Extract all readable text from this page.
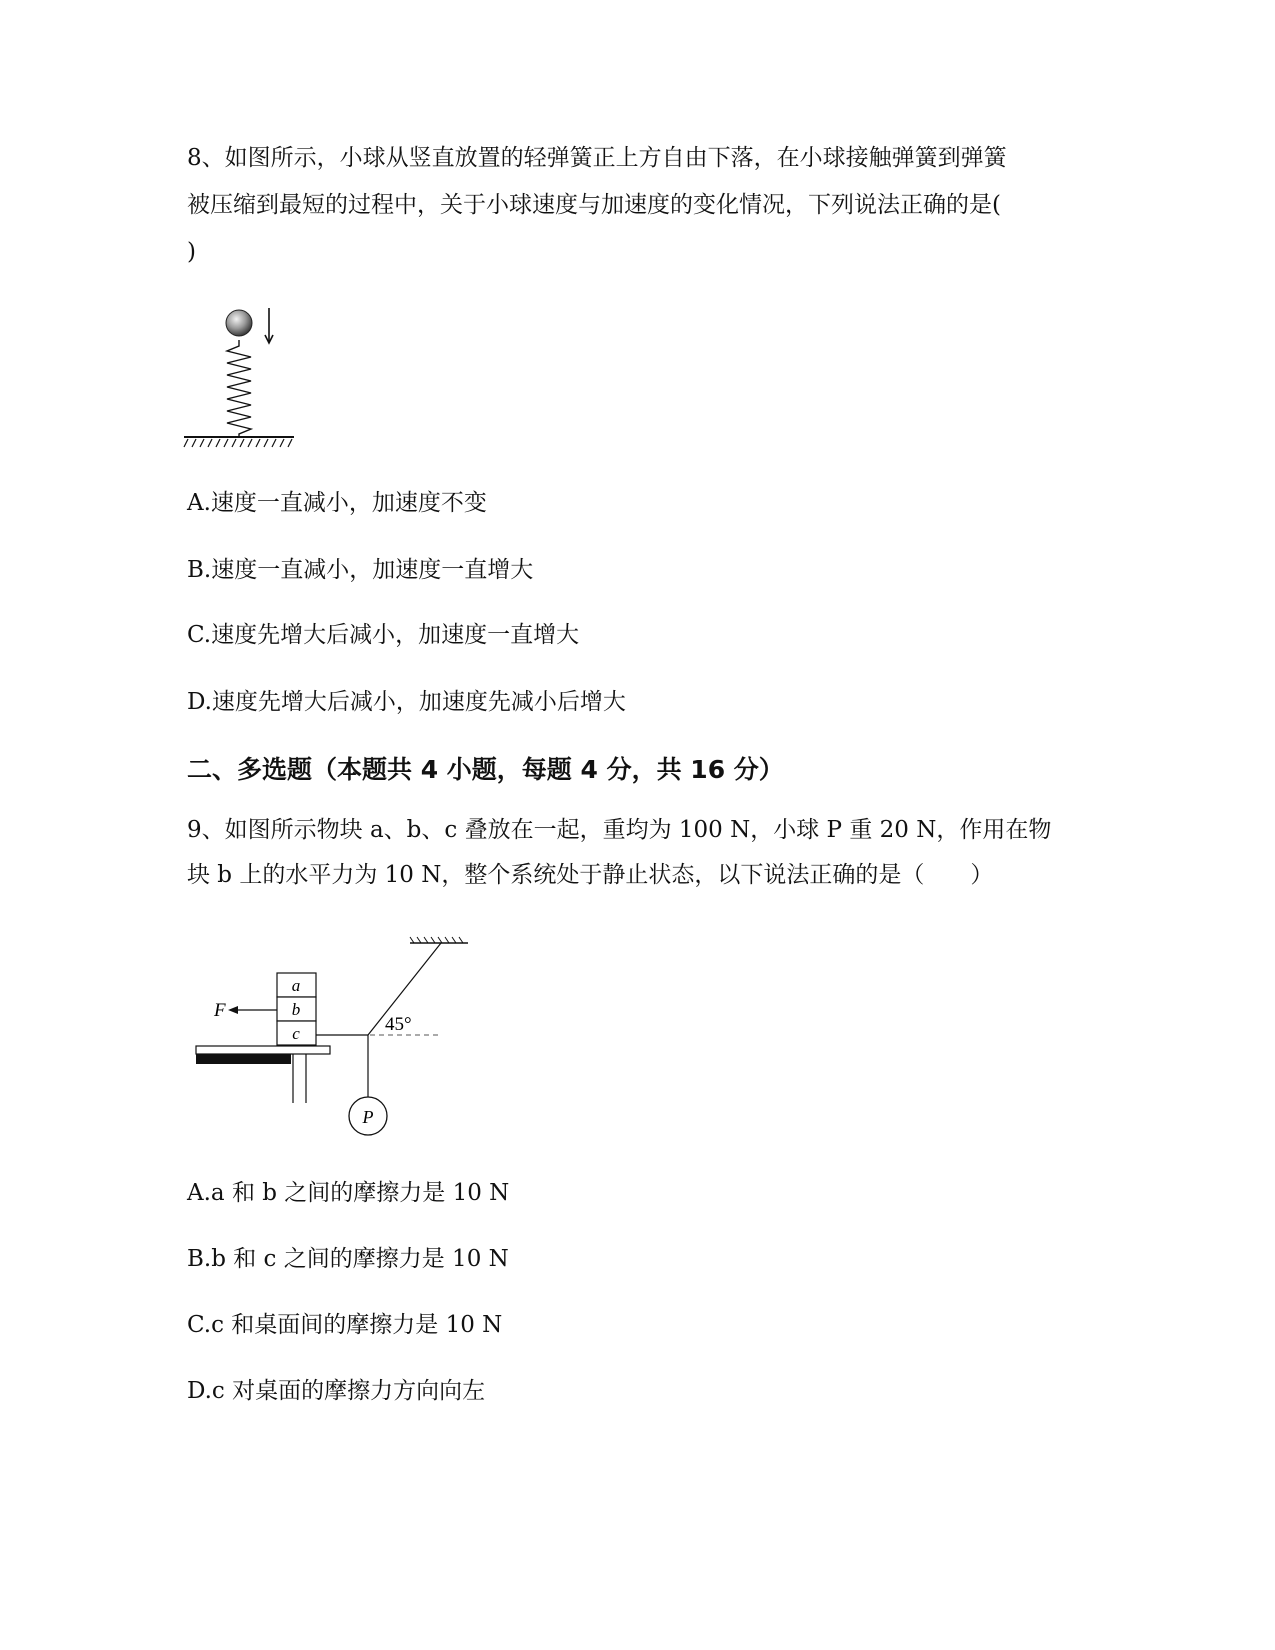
8、如图所示，小球从竖直放置的轻弹簧正上方自由下落，在小球接触弹簧到弹簧
被压缩到最短的过程中，关于小球速度与加速度的变化情况，下列说法正确的是(
)
A.速度一直减小，加速度不变
B.速度一直减小，加速度一直增大
C.速度先增大后减小，加速度一直增大
D.速度先增大后减小，加速度先减小后增大
二、多选题（本题共 4 小题，每题 4 分，共 16 分）
9、如图所示物块 a、b、c 叠放在一起，重均为 100 N，小球 P 重 20 N，作用在物
块 b 上的水平力为 10 N，整个系统处于静止状态，以下说法正确的是（　　）
45°
a
b
c
F
P
A.a 和 b 之间的摩擦力是 10 N
B.b 和 c 之间的摩擦力是 10 N
C.c 和桌面间的摩擦力是 10 N
D.c 对桌面的摩擦力方向向左
